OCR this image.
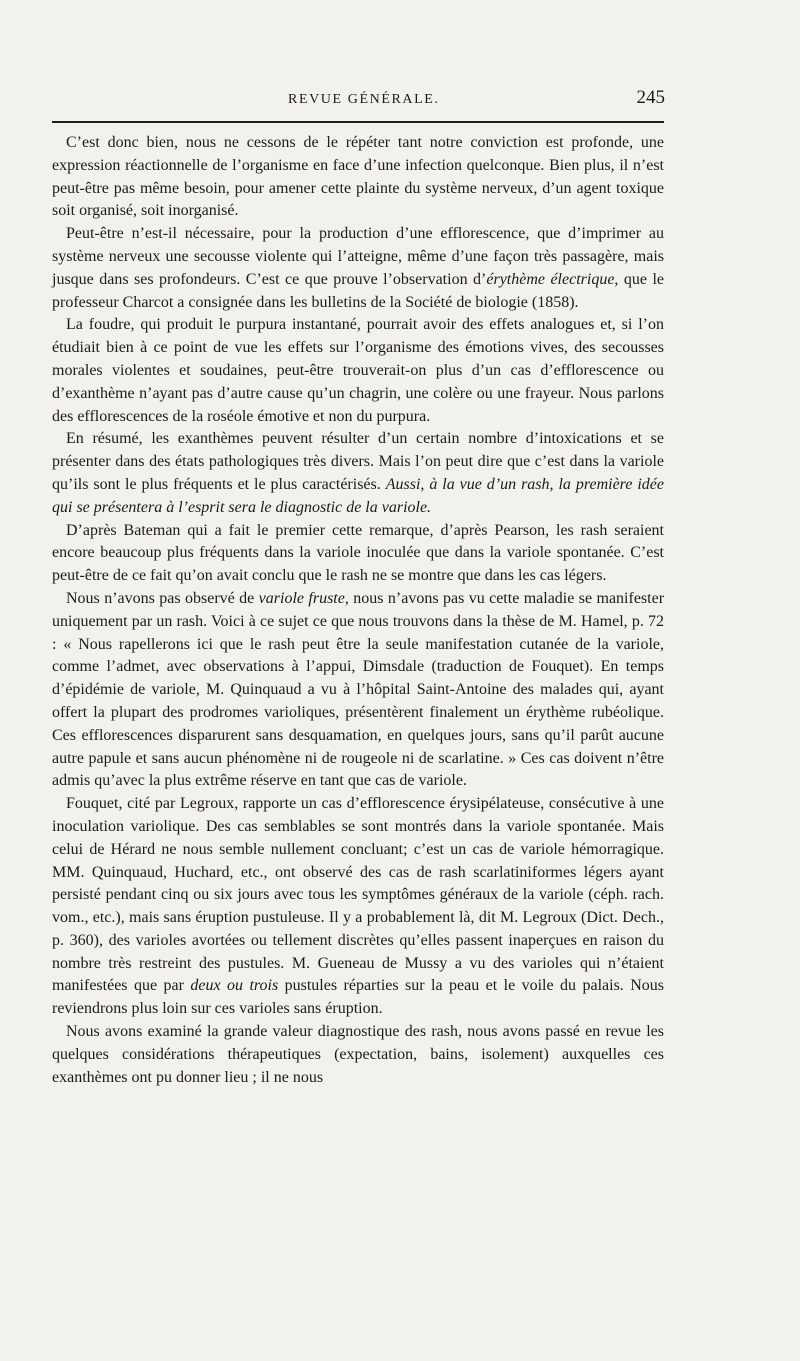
REVUE GÉNÉRALE.	245

C’est donc bien, nous ne cessons de le répéter tant notre conviction est profonde, une expression réactionnelle de l’organisme en face d’une infection quelconque. Bien plus, il n’est peut-être pas même besoin, pour amener cette plainte du système nerveux, d’un agent toxique soit organisé, soit inorganisé.

Peut-être n’est-il nécessaire, pour la production d’une efflorescence, que d’imprimer au système nerveux une secousse violente qui l’atteigne, même d’une façon très passagère, mais jusque dans ses profondeurs. C’est ce que prouve l’observation d’érythème électrique, que le professeur Charcot a consignée dans les bulletins de la Société de biologie (1858).

La foudre, qui produit le purpura instantané, pourrait avoir des effets analogues et, si l’on étudiait bien à ce point de vue les effets sur l’organisme des émotions vives, des secousses morales violentes et soudaines, peut-être trouverait-on plus d’un cas d’efflorescence ou d’exanthème n’ayant pas d’autre cause qu’un chagrin, une colère ou une frayeur. Nous parlons des efflorescences de la roséole émotive et non du purpura.

En résumé, les exanthèmes peuvent résulter d’un certain nombre d’intoxications et se présenter dans des états pathologiques très divers. Mais l’on peut dire que c’est dans la variole qu’ils sont le plus fréquents et le plus caractérisés. Aussi, à la vue d’un rash, la première idée qui se présentera à l’esprit sera le diagnostic de la variole.

D’après Bateman qui a fait le premier cette remarque, d’après Pearson, les rash seraient encore beaucoup plus fréquents dans la variole inoculée que dans la variole spontanée. C’est peut-être de ce fait qu’on avait conclu que le rash ne se montre que dans les cas légers.

Nous n’avons pas observé de variole fruste, nous n’avons pas vu cette maladie se manifester uniquement par un rash. Voici à ce sujet ce que nous trouvons dans la thèse de M. Hamel, p. 72 : « Nous rapellerons ici que le rash peut être la seule manifestation cutanée de la variole, comme l’admet, avec observations à l’appui, Dimsdale (traduction de Fouquet). En temps d’épidémie de variole, M. Quinquaud a vu à l’hôpital Saint-Antoine des malades qui, ayant offert la plupart des prodromes varioliques, présentèrent finalement un érythème rubéolique. Ces efflorescences disparurent sans desquamation, en quelques jours, sans qu’il parût aucune autre papule et sans aucun phénomène ni de rougeole ni de scarlatine. » Ces cas doivent n’être admis qu’avec la plus extrême réserve en tant que cas de variole.

Fouquet, cité par Legroux, rapporte un cas d’efflorescence érysipélateuse, consécutive à une inoculation variolique. Des cas semblables se sont montrés dans la variole spontanée. Mais celui de Hérard ne nous semble nullement concluant; c’est un cas de variole hémorragique. MM. Quinquaud, Huchard, etc., ont observé des cas de rash scarlatiniformes légers ayant persisté pendant cinq ou six jours avec tous les symptômes généraux de la variole (céph. rach. vom., etc.), mais sans éruption pustuleuse. Il y a probablement là, dit M. Legroux (Dict. Dech., p. 360), des varioles avortées ou tellement discrètes qu’elles passent inaperçues en raison du nombre très restreint des pustules. M. Gueneau de Mussy a vu des varioles qui n’étaient manifestées que par deux ou trois pustules réparties sur la peau et le voile du palais. Nous reviendrons plus loin sur ces varioles sans éruption.

Nous avons examiné la grande valeur diagnostique des rash, nous avons passé en revue les quelques considérations thérapeutiques (expectation, bains, isolement) auxquelles ces exanthèmes ont pu donner lieu ; il ne nous
